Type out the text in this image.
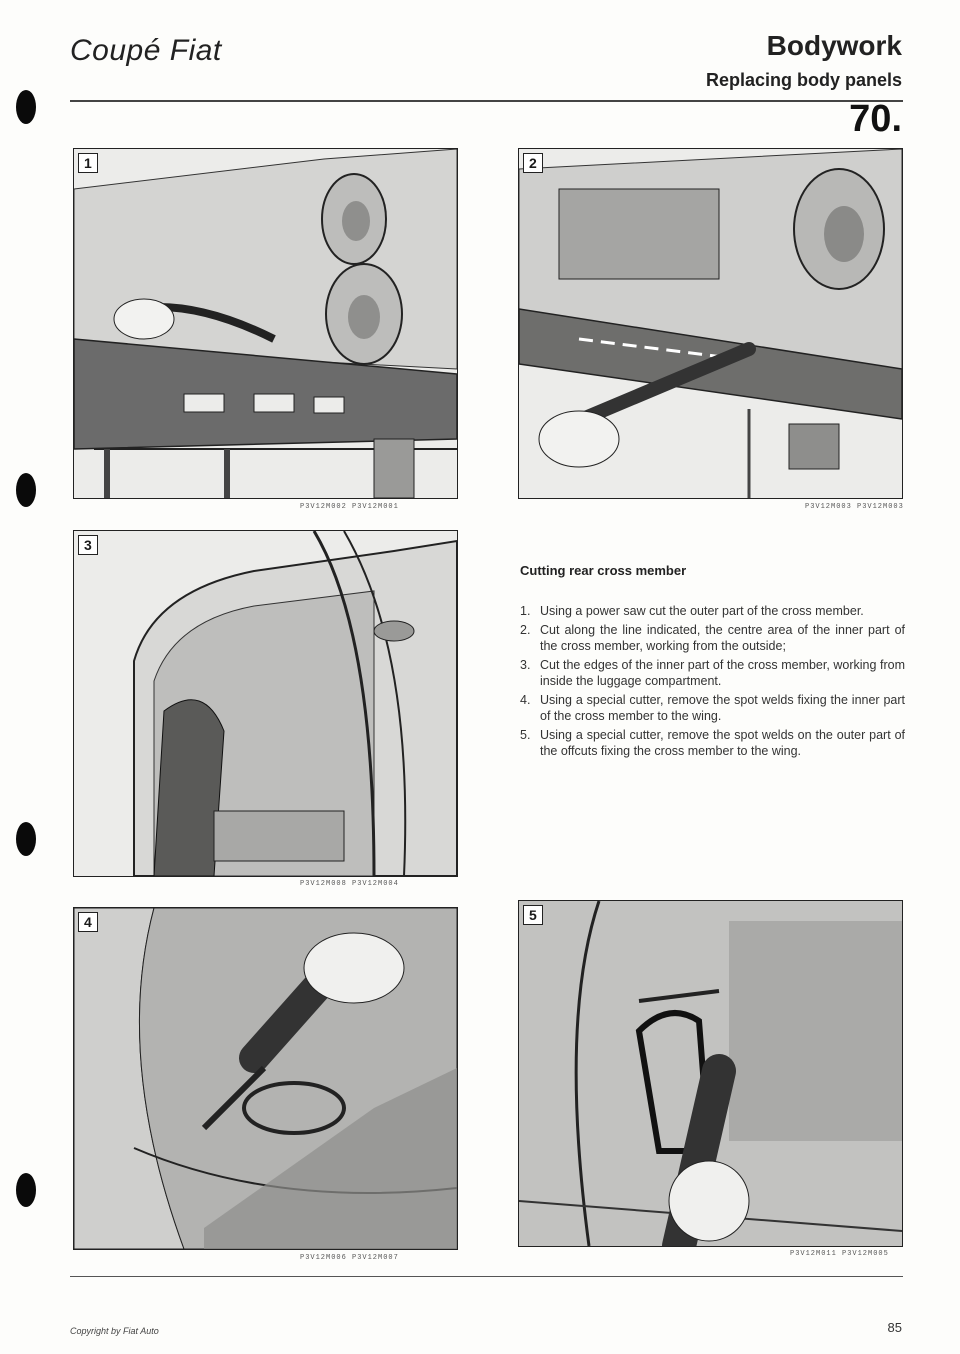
Coupé Fiat	Bodywork
Replacing body panels
70.
1
P3V12M002 P3V12M001
2
P3V12M003 P3V12M003
3
P3V12M008 P3V12M004
4
P3V12M006 P3V12M007
5
P3V12M011 P3V12M005
Cutting rear cross member
1. Using a power saw cut the outer part of the cross member.
2. Cut along the line indicated, the centre area of the inner part of the cross member, working from the outside;
3. Cut the edges of the inner part of the cross member, working from inside the luggage compartment.
4. Using a special cutter, remove the spot welds fixing the inner part of the cross member to the wing.
5. Using a special cutter, remove the spot welds on the outer part of the offcuts fixing the cross member to the wing.
Copyright by Fiat Auto	85
